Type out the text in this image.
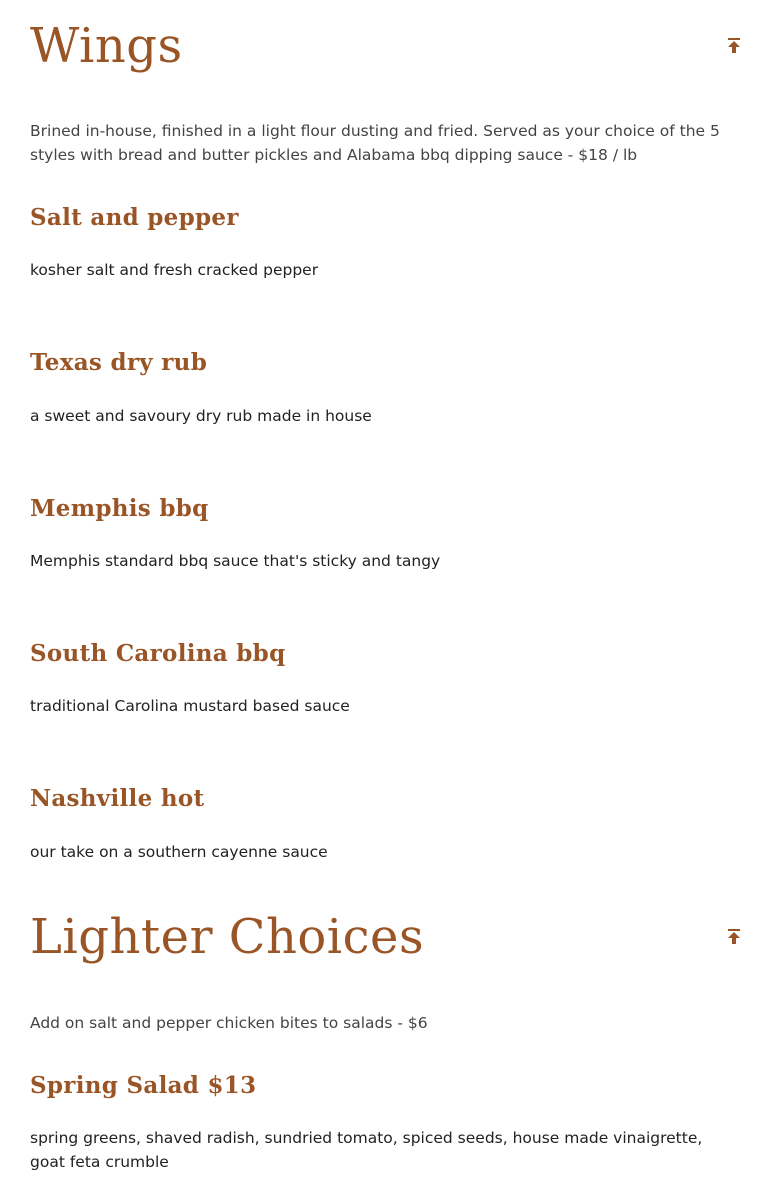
Wings

Brined in-house, finished in a light flour dusting and fried. Served as your choice of the 5 styles with bread and butter pickles and Alabama bbq dipping sauce - $18 / lb

Salt and pepper

kosher salt and fresh cracked pepper

Texas dry rub

a sweet and savoury dry rub made in house

Memphis bbq

Memphis standard bbq sauce that's sticky and tangy

South Carolina bbq

traditional Carolina mustard based sauce

Nashville hot

our take on a southern cayenne sauce

Lighter Choices

Add on salt and pepper chicken bites to salads - $6

Spring Salad $13

spring greens, shaved radish, sundried tomato, spiced seeds, house made vinaigrette, goat feta crumble
